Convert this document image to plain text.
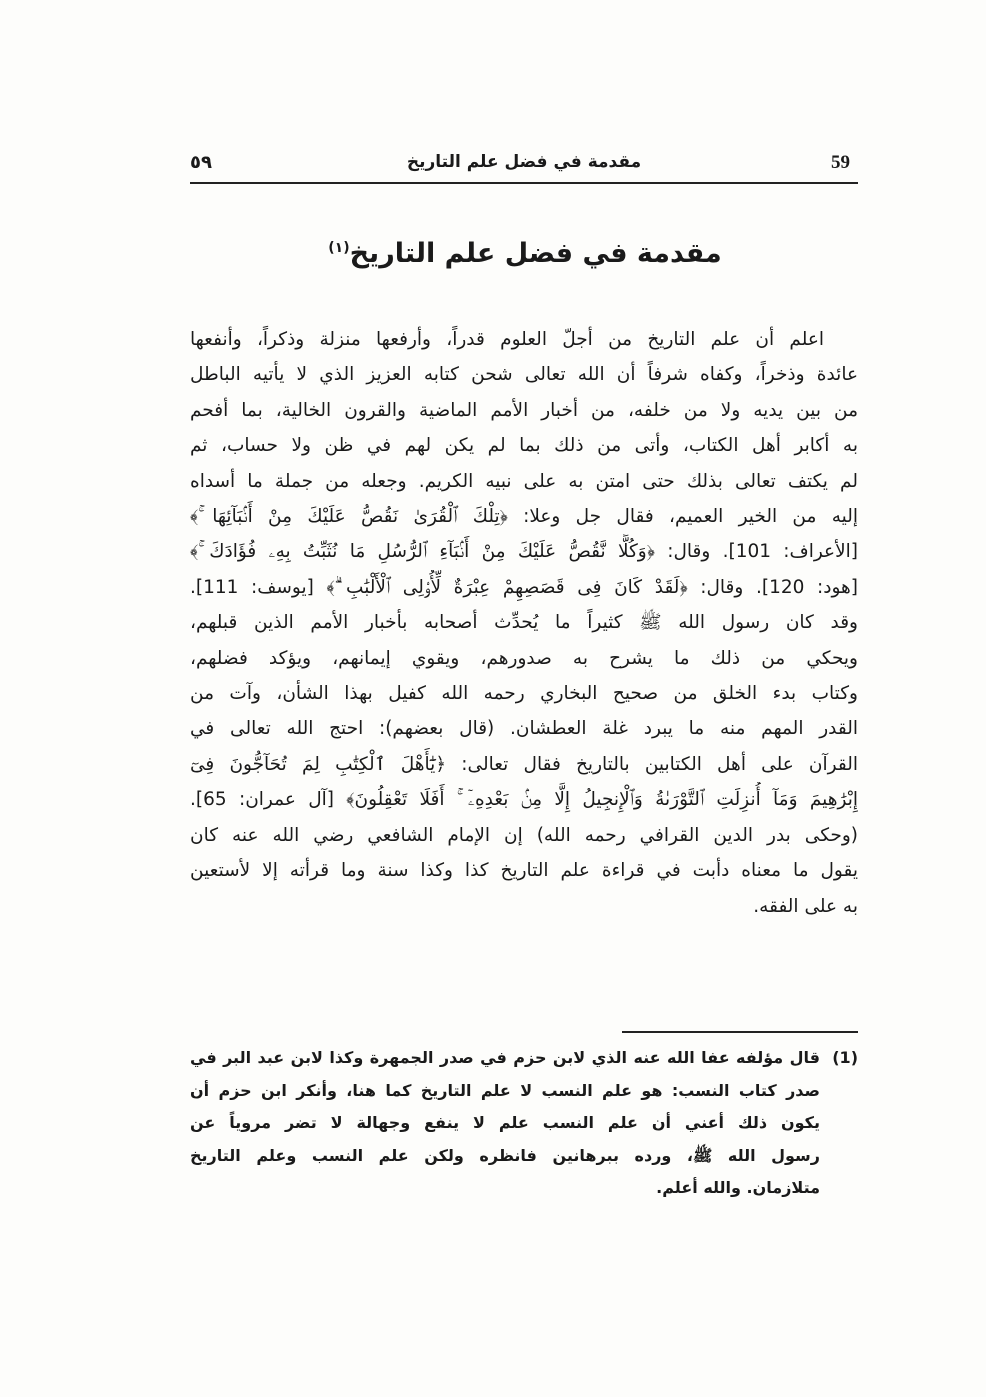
٥٩	مقدمة في فضل علم التاريخ	59
مقدمة في فضل علم التاريخ$^{(١)}$
اعلم أن علم التاريخ من أجلّ العلوم قدراً، وأرفعها منزلة وذكراً، وأنفعها
عائدة وذخراً، وكفاه شرفاً أن الله تعالى شحن كتابه العزيز الذي لا يأتيه الباطل
من بين يديه ولا من خلفه، من أخبار الأمم الماضية والقرون الخالية، بما أفحم
به أكابر أهل الكتاب، وأتى من ذلك بما لم يكن لهم في ظن ولا حساب، ثم
لم يكتف تعالى بذلك حتى امتن به على نبيه الكريم. وجعله من جملة ما أسداه
إليه من الخير العميم، فقال جل وعلا: ﴿تِلْكَ ٱلْقُرَىٰ نَقُصُّ عَلَيْكَ مِنْ أَنۢبَآئِهَا ۚ﴾
[الأعراف: 101]. وقال: ﴿وَكُلًّا نَّقُصُّ عَلَيْكَ مِنْ أَنۢبَآءِ ٱلرُّسُلِ مَا نُثَبِّتُ بِهِۦ فُؤَادَكَ ۚ﴾
[هود: 120]. وقال: ﴿لَقَدْ كَانَ فِى قَصَصِهِمْ عِبْرَةٌ لِّأُو۟لِى ٱلْأَلْبَٰبِ ۗ﴾ [يوسف: 111].
وقد كان رسول الله ﷺ كثيراً ما يُحدِّث أصحابه بأخبار الأمم الذين قبلهم،
ويحكي من ذلك ما يشرح به صدورهم، ويقوي إيمانهم، ويؤكد فضلهم،
وكتاب بدء الخلق من صحيح البخاري رحمه الله كفيل بهذا الشأن، وآت من
القدر المهم منه ما يبرد غلة العطشان. (قال بعضهم): احتج الله تعالى في
القرآن على أهل الكتابين بالتاريخ فقال تعالى: ﴿يَٰٓأَهْلَ ٱلْكِتَٰبِ لِمَ تُحَآجُّونَ فِىٓ
إِبْرَٰهِيمَ وَمَآ أُنزِلَتِ ٱلتَّوْرَىٰةُ وَٱلْإِنجِيلُ إِلَّا مِنۢ بَعْدِهِۦٓ ۚ أَفَلَا تَعْقِلُونَ﴾ [آل عمران: 65].
(وحكى بدر الدين القرافي رحمه الله) إن الإمام الشافعي رضي الله عنه كان
يقول ما معناه دأبت في قراءة علم التاريخ كذا وكذا سنة وما قرأته إلا لأستعين
به على الفقه.
(1)قال مؤلفه عفا الله عنه الذي لابن حزم في صدر الجمهرة وكذا لابن عبد البر في
صدر كتاب النسب: هو علم النسب لا علم التاريخ كما هنا، وأنكر ابن حزم أن
يكون ذلك أعني أن علم النسب علم لا ينفع وجهالة لا تضر مروياً عن
رسول الله ﷺ، ورده ببرهانين فانظره ولكن علم النسب وعلم التاريخ
متلازمان. والله أعلم.
